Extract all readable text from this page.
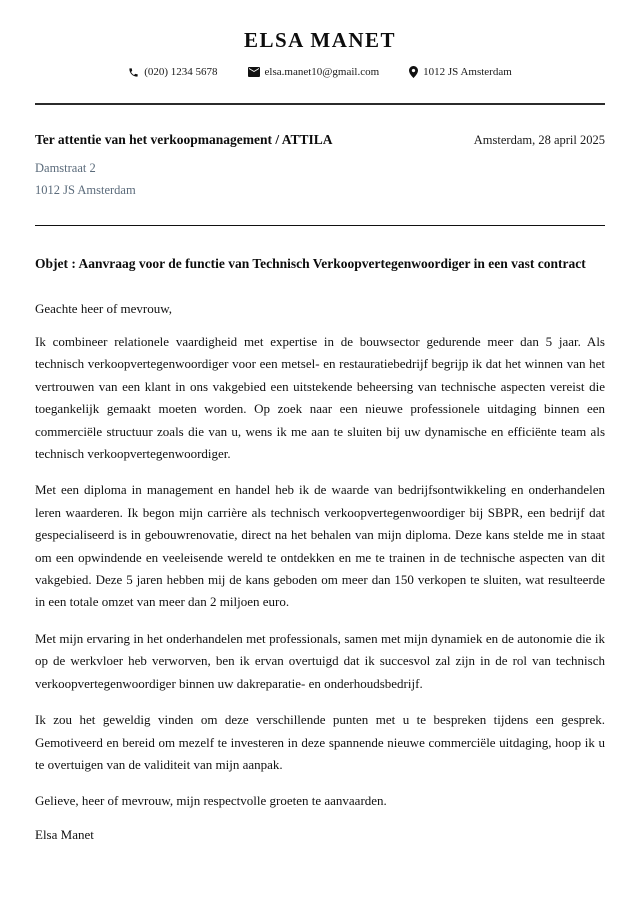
ELSA MANET
(020) 1234 5678	elsa.manet10@gmail.com	1012 JS Amsterdam
Ter attentie van het verkoopmanagement / ATTILA	Amsterdam, 28 april 2025
Damstraat 2
1012 JS Amsterdam
Objet : Aanvraag voor de functie van Technisch Verkoopvertegenwoordiger in een vast contract

Geachte heer of mevrouw,

Ik combineer relationele vaardigheid met expertise in de bouwsector gedurende meer dan 5 jaar. Als technisch verkoopvertegenwoordiger voor een metsel- en restauratiebedrijf begrijp ik dat het winnen van het vertrouwen van een klant in ons vakgebied een uitstekende beheersing van technische aspecten vereist die toegankelijk gemaakt moeten worden. Op zoek naar een nieuwe professionele uitdaging binnen een commerciële structuur zoals die van u, wens ik me aan te sluiten bij uw dynamische en efficiënte team als technisch verkoopvertegenwoordiger.

Met een diploma in management en handel heb ik de waarde van bedrijfsontwikkeling en onderhandelen leren waarderen. Ik begon mijn carrière als technisch verkoopvertegenwoordiger bij SBPR, een bedrijf dat gespecialiseerd is in gebouwrenovatie, direct na het behalen van mijn diploma. Deze kans stelde me in staat om een opwindende en veeleisende wereld te ontdekken en me te trainen in de technische aspecten van dit vakgebied. Deze 5 jaren hebben mij de kans geboden om meer dan 150 verkopen te sluiten, wat resulteerde in een totale omzet van meer dan 2 miljoen euro.

Met mijn ervaring in het onderhandelen met professionals, samen met mijn dynamiek en de autonomie die ik op de werkvloer heb verworven, ben ik ervan overtuigd dat ik succesvol zal zijn in de rol van technisch verkoopvertegenwoordiger binnen uw dakreparatie- en onderhoudsbedrijf.

Ik zou het geweldig vinden om deze verschillende punten met u te bespreken tijdens een gesprek. Gemotiveerd en bereid om mezelf te investeren in deze spannende nieuwe commerciële uitdaging, hoop ik u te overtuigen van de validiteit van mijn aanpak.

Gelieve, heer of mevrouw, mijn respectvolle groeten te aanvaarden.

Elsa Manet
